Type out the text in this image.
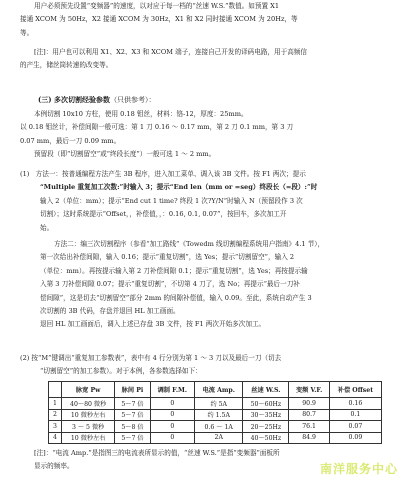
用户必须预先设置“变频器”的速度，以对应于每一档的“丝速 W.S.”数值。如预置 X1
接通 XCOM 为 50Hz，X2 接通 XCOM 为 30Hz，X1 和 X2 同时接通 XCOM 为 20Hz，等
等。
[注]：用户也可以利用 X1、X2、X3 和 XCOM 端子，连接自己开发的译码电路，用于高频信
的产生，储丝筒转速的改变等。
(三) 多次切割经验参数（只供参考）：
本例切割 10x10 方柱，使用 0.18 钼丝，材料：铬-12，厚度：25mm。
以 0.18 钼丝计，补偿间隙一般可选：第 1 刀 0.16 ～ 0.17 mm，第 2 刀 0.1 mm，第 3 刀
0.07 mm，最后一刀 0.09 mm。
预留段（即“切割留空”或“终段长度”）一般可选 1 ～ 2 mm。
(1)   方法一：按普通编程方法产生 3B 程序，进入加工菜单、调入该 3B 文件。按 F1 两次；提示
“Multiple 重复加工次数:”时输入 3；提示“End len（mm or =seg）终段长（=段）:”时
输入 2（单位：mm）；提示“End cut 1 time? 终段 1 次?Y/N”时输入 N（预留段作 3 次
切割）；这时系统提示“Offset，，补偿值，，：0.16, 0.1, 0.07”，按回车，多次加工开
始。
方法二：编三次切割程序（参看“加工路线”《Towedm 线切割编程系统用户指南》4.1 节），
第一次给出补偿间隙，输入 0.16；提示“重复切割”，选 Yes；提示“切割留空”，输入 2
（单位：mm）。再按提示输入第 2 刀补偿间隙 0.1；提示“重复切割”，选 Yes；再按提示输
入第 3 刀补偿间隙 0.07；提示“重复切割”，不切第 4 刀了，选 No；再提示“最后一刀补
偿间隙”，这是切去“切割留空”部分 2mm 的间隙补偿值，输入 0.09。至此，系统自动产生 3
次切割的 3B 代码，存盘并退回 HL 加工画面。
退回 HL 加工画面后，调入上述已存盘 3B 文件，按 F1 两次开始多次加工。
(2) 按“M”键调出“重复加工参数表”，表中有 4 行分别为第 1 ～ 3 刀以及最后一刀（切去
“切割留空”的加工参数）。对于本例，各参数选择如下：
	脉宽 Pw	脉间 Pi	调制 F.M.	电流 Amp.	丝速 W.S.	变频 V.F.	补偿 Offset
1	40～80 微秒	5～7 倍	0	约 5A	50～60Hz	90.9	0.16
2	10 微秒左右	5～7 倍	0	约 1.5A	30～35Hz	80.7	0.1
3	3 ～ 5 微秒	5～8 倍	0	0.6 ～ 1A	20～25Hz	76.1	0.07
4	10 微秒左右	5～7 倍	0	2A	40～50Hz	84.9	0.09
[注]：“电流 Amp.”是指图三的电流表所显示的值，“丝速 W.S.”是指“变频器”面板所
显示的频率。	南洋服务中心
